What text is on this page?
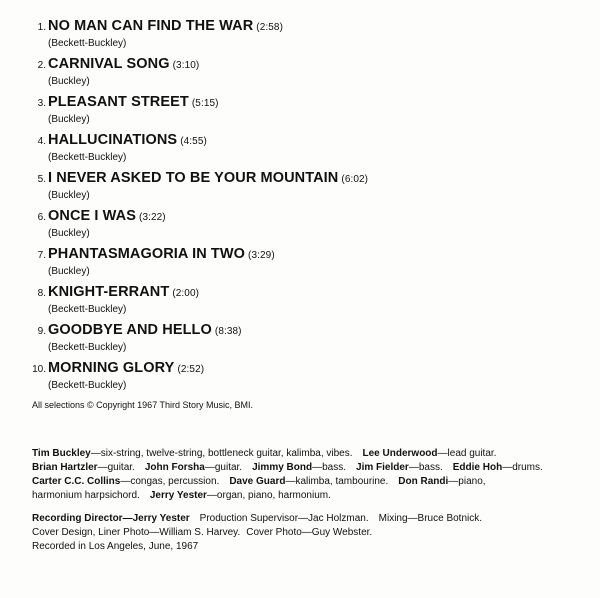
1. NO MAN CAN FIND THE WAR (2:58)
(Beckett-Buckley)
2. CARNIVAL SONG (3:10)
(Buckley)
3. PLEASANT STREET (5:15)
(Buckley)
4. HALLUCINATIONS (4:55)
(Beckett-Buckley)
5. I NEVER ASKED TO BE YOUR MOUNTAIN (6:02)
(Buckley)
6. ONCE I WAS (3:22)
(Buckley)
7. PHANTASMAGORIA IN TWO (3:29)
(Buckley)
8. KNIGHT-ERRANT (2:00)
(Beckett-Buckley)
9. GOODBYE AND HELLO (8:38)
(Beckett-Buckley)
10. MORNING GLORY (2:52)
(Beckett-Buckley)
All selections © Copyright 1967 Third Story Music, BMI.
Tim Buckley—six-string, twelve-string, bottleneck guitar, kalimba, vibes. Lee Underwood—lead guitar.
Brian Hartzler—guitar. John Forsha—guitar. Jimmy Bond—bass. Jim Fielder—bass. Eddie Hoh—drums.
Carter C.C. Collins—congas, percussion. Dave Guard—kalimba, tambourine. Don Randi—piano,
harmonium harpsichord. Jerry Yester—organ, piano, harmonium.
Recording Director—Jerry Yester Production Supervisor—Jac Holzman. Mixing—Bruce Botnick.
Cover Design, Liner Photo—William S. Harvey. Cover Photo—Guy Webster.
Recorded in Los Angeles, June, 1967
